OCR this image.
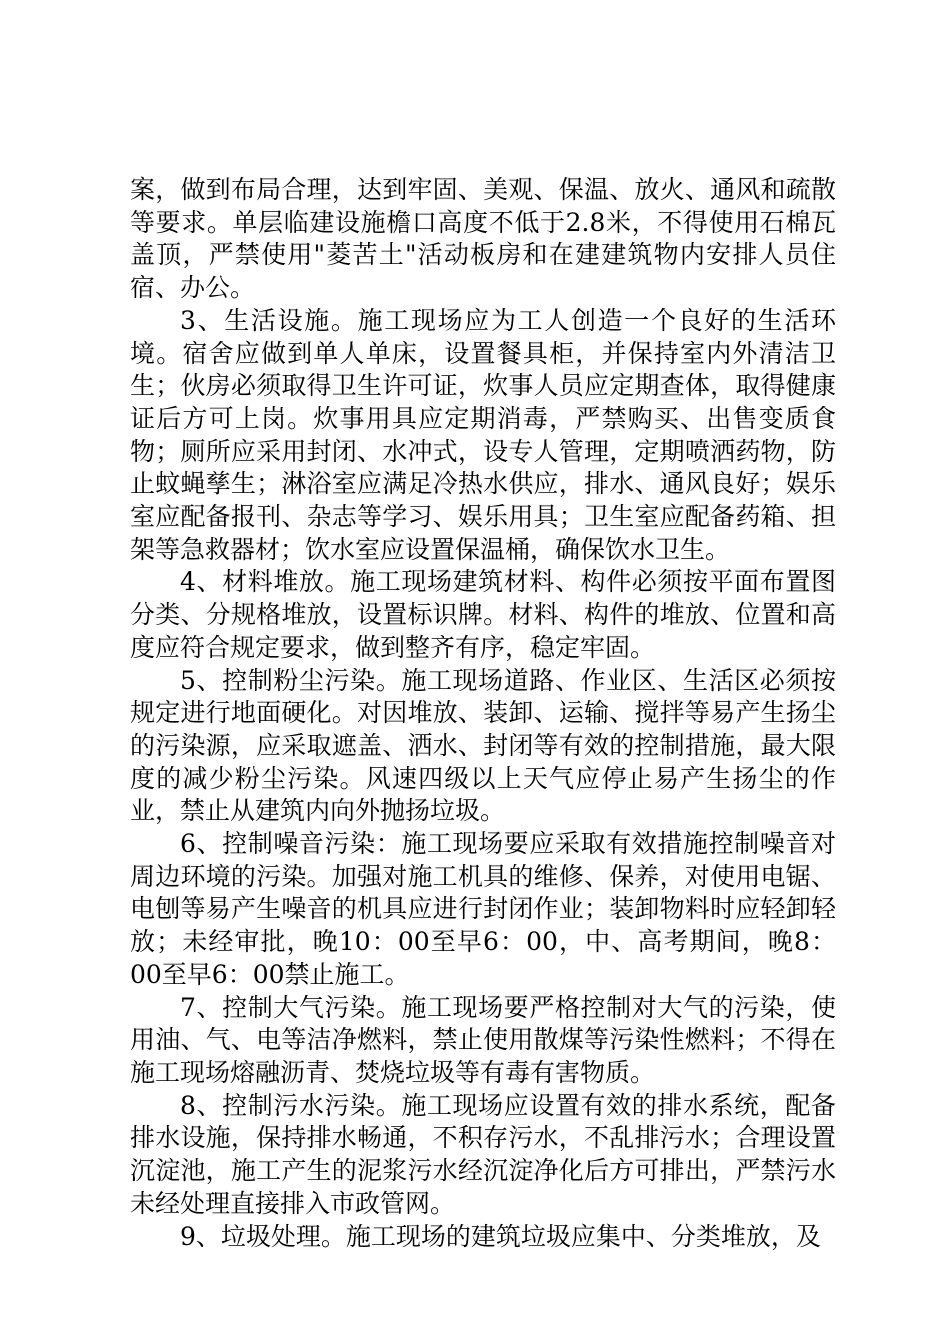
案，做到布局合理，达到牢固、美观、保温、放火、通风和疏散等要求。单层临建设施檐口高度不低于2.8米，不得使用石棉瓦盖顶，严禁使用"菱苦土"活动板房和在建建筑物内安排人员住宿、办公。

3、生活设施。施工现场应为工人创造一个良好的生活环境。宿舍应做到单人单床，设置餐具柜，并保持室内外清洁卫生；伙房必须取得卫生许可证，炊事人员应定期查体，取得健康证后方可上岗。炊事用具应定期消毒，严禁购买、出售变质食物；厕所应采用封闭、水冲式，设专人管理，定期喷洒药物，防止蚊蝇孳生；淋浴室应满足冷热水供应，排水、通风良好；娱乐室应配备报刊、杂志等学习、娱乐用具；卫生室应配备药箱、担架等急救器材；饮水室应设置保温桶，确保饮水卫生。

4、材料堆放。施工现场建筑材料、构件必须按平面布置图分类、分规格堆放，设置标识牌。材料、构件的堆放、位置和高度应符合规定要求，做到整齐有序，稳定牢固。

5、控制粉尘污染。施工现场道路、作业区、生活区必须按规定进行地面硬化。对因堆放、装卸、运输、搅拌等易产生扬尘的污染源，应采取遮盖、洒水、封闭等有效的控制措施，最大限度的减少粉尘污染。风速四级以上天气应停止易产生扬尘的作业，禁止从建筑内向外抛扬垃圾。

6、控制噪音污染：施工现场要应采取有效措施控制噪音对周边环境的污染。加强对施工机具的维修、保养，对使用电锯、电刨等易产生噪音的机具应进行封闭作业；装卸物料时应轻卸轻放；未经审批，晚10：00至早6：00，中、高考期间，晚8：00至早6：00禁止施工。

7、控制大气污染。施工现场要严格控制对大气的污染，使用油、气、电等洁净燃料，禁止使用散煤等污染性燃料；不得在施工现场熔融沥青、焚烧垃圾等有毒有害物质。

8、控制污水污染。施工现场应设置有效的排水系统，配备排水设施，保持排水畅通，不积存污水，不乱排污水；合理设置沉淀池，施工产生的泥浆污水经沉淀净化后方可排出，严禁污水未经处理直接排入市政管网。

9、垃圾处理。施工现场的建筑垃圾应集中、分类堆放，及
